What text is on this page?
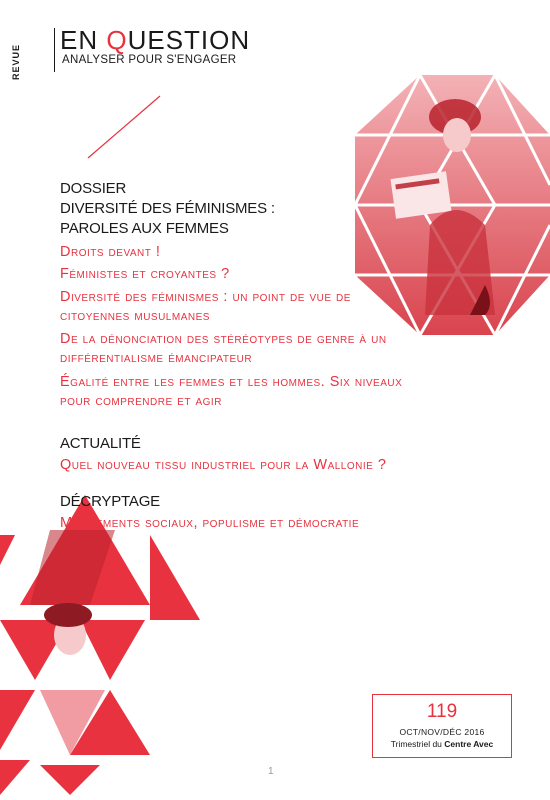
REVUE
EN QUESTION
ANALYSER POUR S'ENGAGER
DOSSIER
DIVERSITÉ DES FÉMINISMES :
PAROLES AUX FEMMES
Droits devant !
Féministes et croyantes ?
Diversité des féminismes : un point de vue de
citoyennes musulmanes
De la dénonciation des stéréotypes de genre à un
différentialisme émancipateur
Égalité entre les femmes et les hommes. Six niveaux
pour comprendre et agir
ACTUALITÉ
Quel nouveau tissu industriel pour la Wallonie ?
DÉCRYPTAGE
Mouvements sociaux, populisme et démocratie
119
OCT/NOV/DÉC 2016
Trimestriel du Centre Avec
1
